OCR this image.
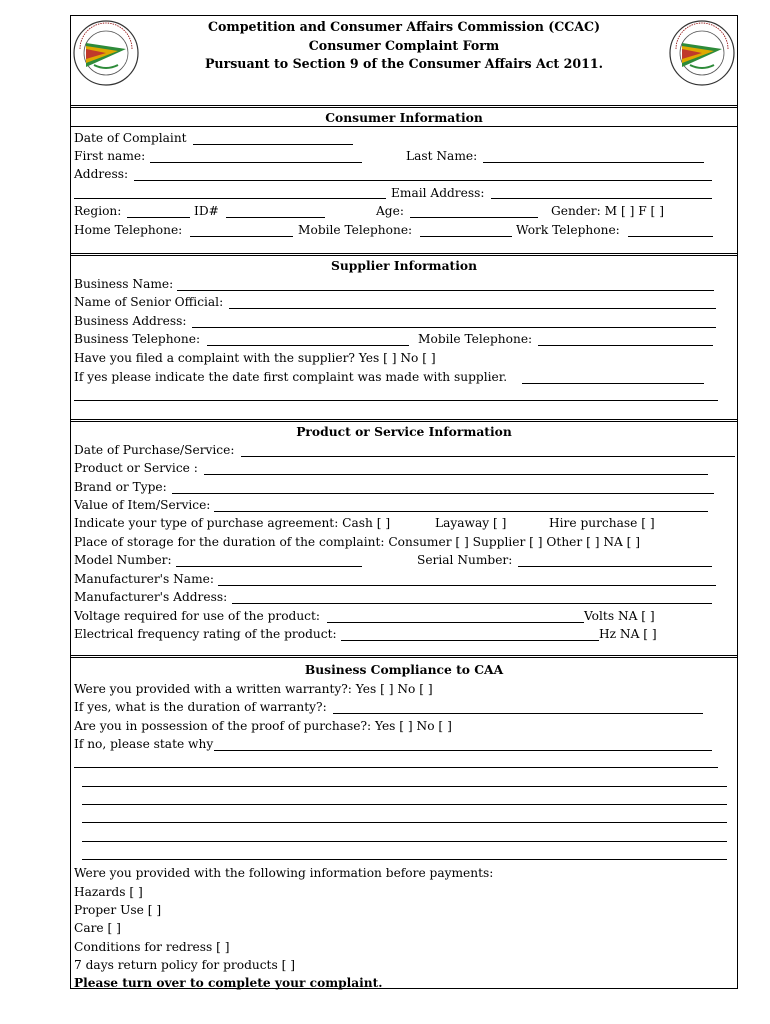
Competition and Consumer Affairs Commission (CCAC)
Consumer Complaint Form
Pursuant to Section 9 of the Consumer Affairs Act 2011.
Consumer Information
Date of Complaint
First name:	Last Name:
Address:
Email Address:
Region:	ID#	Age:	Gender: M [ ] F [ ]
Home Telephone:	Mobile Telephone:	Work Telephone:
Supplier Information
Business Name:
Name of Senior Official:
Business Address:
Business Telephone:	Mobile Telephone:
Have you filed a complaint with the supplier? Yes [ ] No [ ]
If yes please indicate the date first complaint was made with supplier.
Product or Service Information
Date of Purchase/Service:
Product or Service :
Brand or Type:
Value of Item/Service:
Indicate your type of purchase agreement: Cash [ ]	Layaway [ ]	Hire purchase [ ]
Place of storage for the duration of the complaint: Consumer [ ] Supplier [ ] Other [ ] NA [ ]
Model Number:	Serial Number:
Manufacturer's Name:
Manufacturer's Address:
Voltage required for use of the product:	Volts NA [ ]
Electrical frequency rating of the product:	Hz NA [ ]
Business Compliance to CAA
Were you provided with a written warranty?: Yes [ ] No [ ]
If yes, what is the duration of warranty?:
Are you in possession of the proof of purchase?: Yes [ ] No [ ]
If no, please state why
Were you provided with the following information before payments:
Hazards [ ]
Proper Use [ ]
Care [ ]
Conditions for redress [ ]
7 days return policy for products [ ]
Please turn over to complete your complaint.
